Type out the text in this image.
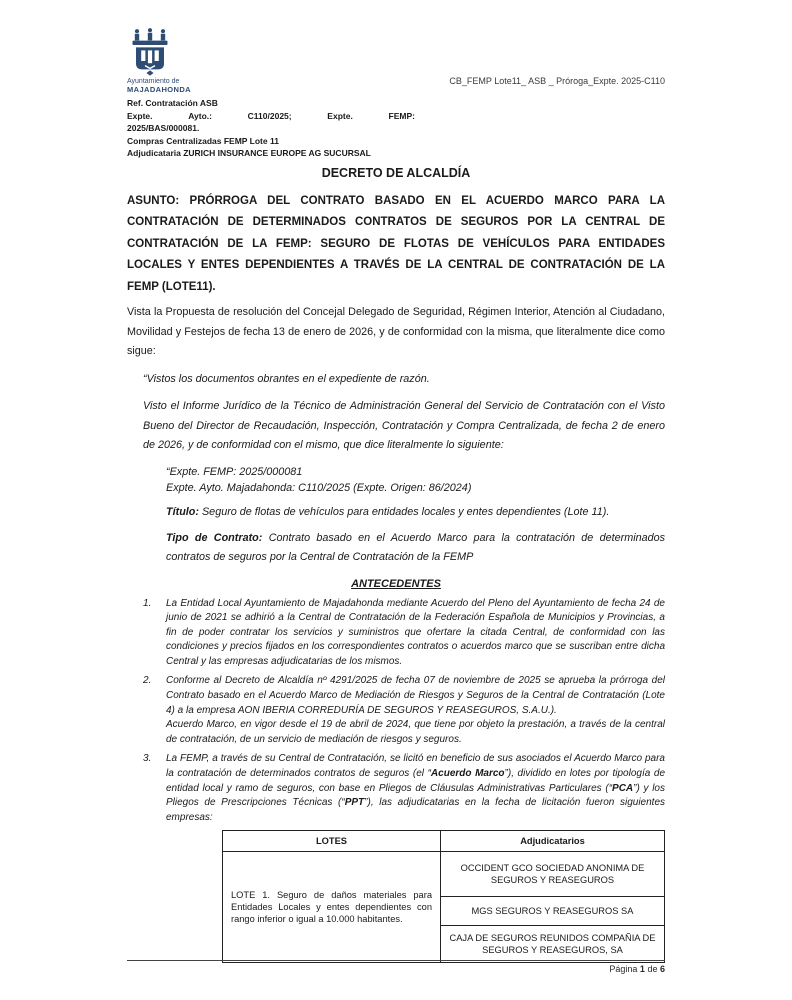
Ayuntamiento de
MAJADAHONDA
CB_FEMP Lote11_ ASB _ Próroga_Expte. 2025-C110
Ref. Contratación ASB
Expte.	Ayto.:	C110/2025;	Expte.	FEMP:
2025/BAS/000081.
Compras Centralizadas FEMP Lote 11
Adjudicataria ZURICH INSURANCE EUROPE AG SUCURSAL
DECRETO DE ALCALDÍA

ASUNTO: PRÓRROGA DEL CONTRATO BASADO EN EL ACUERDO MARCO PARA LA CONTRATACIÓN DE DETERMINADOS CONTRATOS DE SEGUROS POR LA CENTRAL DE CONTRATACIÓN DE LA FEMP: SEGURO DE FLOTAS DE VEHÍCULOS PARA ENTIDADES LOCALES Y ENTES DEPENDIENTES A TRAVÉS DE LA CENTRAL DE CONTRATACIÓN DE LA FEMP (LOTE11).

Vista la Propuesta de resolución del Concejal Delegado de Seguridad, Régimen Interior, Atención al Ciudadano, Movilidad y Festejos de fecha 13 de enero de 2026, y de conformidad con la misma, que literalmente dice como sigue:

“Vistos los documentos obrantes en el expediente de razón.

Visto el Informe Jurídico de la Técnico de Administración General del Servicio de Contratación con el Visto Bueno del Director de Recaudación, Inspección, Contratación y Compra Centralizada, de fecha 2 de enero de 2026, y de conformidad con el mismo, que dice literalmente lo siguiente:

“Expte. FEMP: 2025/000081
Expte. Ayto. Majadahonda: C110/2025 (Expte. Origen: 86/2024)

Título: Seguro de flotas de vehículos para entidades locales y entes dependientes (Lote 11).

Tipo de Contrato: Contrato basado en el Acuerdo Marco para la contratación de determinados contratos de seguros por la Central de Contratación de la FEMP

ANTECEDENTES
1.	La Entidad Local Ayuntamiento de Majadahonda mediante Acuerdo del Pleno del Ayuntamiento de fecha 24 de junio de 2021 se adhirió a la Central de Contratación de la Federación Española de Municipios y Provincias, a fin de poder contratar los servicios y suministros que ofertare la citada Central, de conformidad con las condiciones y precios fijados en los correspondientes contratos o acuerdos marco que se suscriban entre dicha Central y las empresas adjudicatarias de los mismos.
2.	Conforme al Decreto de Alcaldía nº 4291/2025 de fecha 07 de noviembre de 2025 se aprueba la prórroga del Contrato basado en el Acuerdo Marco de Mediación de Riesgos y Seguros de la Central de Contratación (Lote 4) a la empresa AON IBERIA CORREDURÍA DE SEGUROS Y REASEGUROS, S.A.U.).
Acuerdo Marco, en vigor desde el 19 de abril de 2024, que tiene por objeto la prestación, a través de la central de contratación, de un servicio de mediación de riesgos y seguros.
3.	La FEMP, a través de su Central de Contratación, se licitó en beneficio de sus asociados el Acuerdo Marco para la contratación de determinados contratos de seguros (el “Acuerdo Marco”), dividido en lotes por tipología de entidad local y ramo de seguros, con base en Pliegos de Cláusulas Administrativas Particulares (“PCA”) y los Pliegos de Prescripciones Técnicas (“PPT”), las adjudicatarias en la fecha de licitación fueron siguientes empresas:
LOTES	Adjudicatarios
LOTE 1. Seguro de daños materiales para Entidades Locales y entes dependientes con rango inferior o igual a 10.000 habitantes.	OCCIDENT GCO SOCIEDAD ANONIMA DE SEGUROS Y REASEGUROS
	MGS SEGUROS Y REASEGUROS SA
	CAJA DE SEGUROS REUNIDOS COMPAÑIA DE SEGUROS Y REASEGUROS, SA
Página 1 de 6
